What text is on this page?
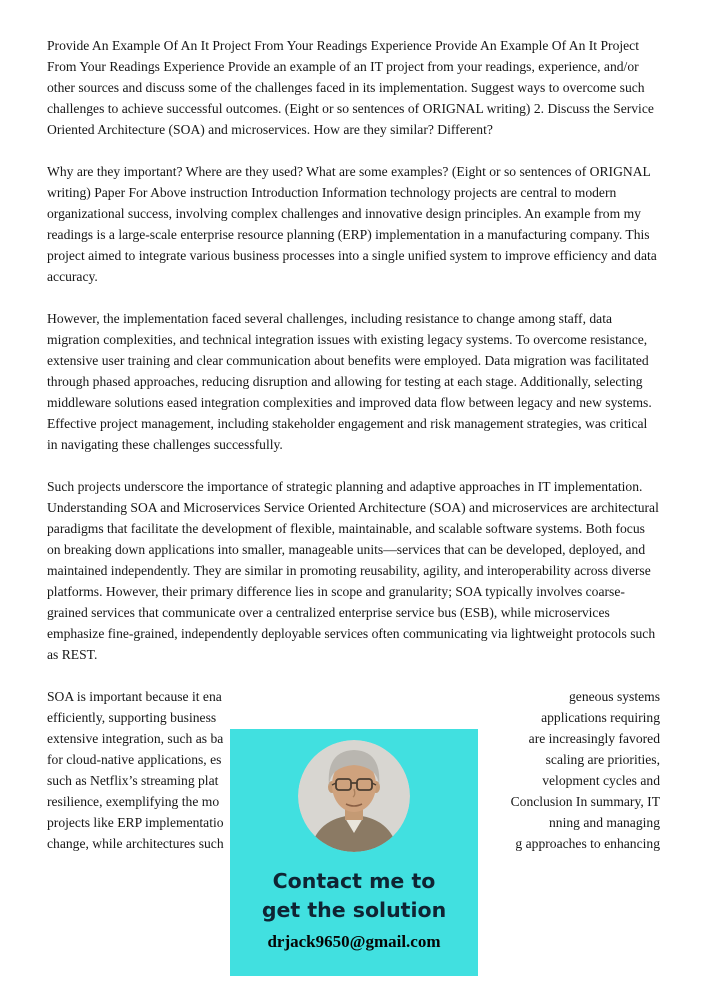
Provide An Example Of An It Project From Your Readings Experience Provide An Example Of An It Project From Your Readings Experience Provide an example of an IT project from your readings, experience, and/or other sources and discuss some of the challenges faced in its implementation. Suggest ways to overcome such challenges to achieve successful outcomes. (Eight or so sentences of ORIGNAL writing) 2. Discuss the Service Oriented Architecture (SOA) and microservices. How are they similar? Different?

Why are they important? Where are they used? What are some examples? (Eight or so sentences of ORIGNAL writing) Paper For Above instruction Introduction Information technology projects are central to modern organizational success, involving complex challenges and innovative design principles. An example from my readings is a large-scale enterprise resource planning (ERP) implementation in a manufacturing company. This project aimed to integrate various business processes into a single unified system to improve efficiency and data accuracy.

However, the implementation faced several challenges, including resistance to change among staff, data migration complexities, and technical integration issues with existing legacy systems. To overcome resistance, extensive user training and clear communication about benefits were employed. Data migration was facilitated through phased approaches, reducing disruption and allowing for testing at each stage. Additionally, selecting middleware solutions eased integration complexities and improved data flow between legacy and new systems. Effective project management, including stakeholder engagement and risk management strategies, was critical in navigating these challenges successfully.

Such projects underscore the importance of strategic planning and adaptive approaches in IT implementation. Understanding SOA and Microservices Service Oriented Architecture (SOA) and microservices are architectural paradigms that facilitate the development of flexible, maintainable, and scalable software systems. Both focus on breaking down applications into smaller, manageable units—services that can be developed, deployed, and maintained independently. They are similar in promoting reusability, agility, and interoperability across diverse platforms. However, their primary difference lies in scope and granularity; SOA typically involves coarse-grained services that communicate over a centralized enterprise service bus (ESB), while microservices emphasize fine-grained, independently deployable services often communicating via lightweight protocols such as REST.

SOA is important because it ena	geneous systems
efficiently, supporting business	applications requiring
extensive integration, such as ba	are increasingly favored
for cloud-native applications, es	scaling are priorities,
such as Netflix’s streaming plat	velopment cycles and
resilience, exemplifying the mo	Conclusion In summary, IT
projects like ERP implementatio	nning and managing
change, while architectures such	g approaches to enhancing
Contact me to
get the solution
drjack9650@gmail.com
